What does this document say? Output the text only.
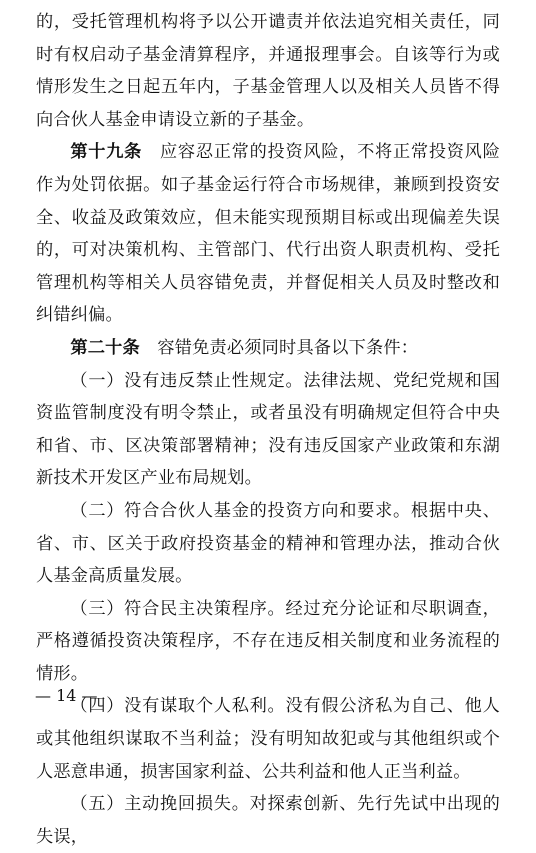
的，受托管理机构将予以公开谴责并依法追究相关责任，同时有权启动子基金清算程序，并通报理事会。自该等行为或情形发生之日起五年内，子基金管理人以及相关人员皆不得向合伙人基金申请设立新的子基金。

第十九条　应容忍正常的投资风险，不将正常投资风险作为处罚依据。如子基金运行符合市场规律，兼顾到投资安全、收益及政策效应，但未能实现预期目标或出现偏差失误的，可对决策机构、主管部门、代行出资人职责机构、受托管理机构等相关人员容错免责，并督促相关人员及时整改和纠错纠偏。

第二十条　容错免责必须同时具备以下条件：

（一）没有违反禁止性规定。法律法规、党纪党规和国资监管制度没有明令禁止，或者虽没有明确规定但符合中央和省、市、区决策部署精神；没有违反国家产业政策和东湖新技术开发区产业布局规划。

（二）符合合伙人基金的投资方向和要求。根据中央、省、市、区关于政府投资基金的精神和管理办法，推动合伙人基金高质量发展。

（三）符合民主决策程序。经过充分论证和尽职调查，严格遵循投资决策程序，不存在违反相关制度和业务流程的情形。

（四）没有谋取个人私利。没有假公济私为自己、他人或其他组织谋取不当利益；没有明知故犯或与其他组织或个人恶意串通，损害国家利益、公共利益和他人正当利益。

（五）主动挽回损失。对探索创新、先行先试中出现的失误，

— 14 —
